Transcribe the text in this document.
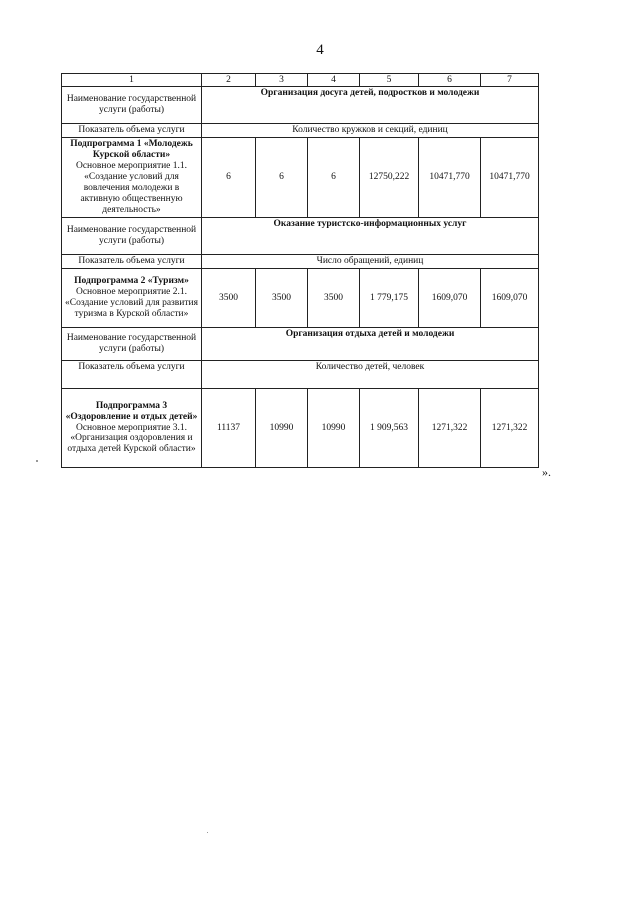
4
1	2	3	4	5	6	7
Наименование государственной услуги (работы)	Организация досуга детей, подростков и молодежи					
Показатель объема услуги	Количество кружков и секций, единиц					
Подпрограмма 1 «Молодежь Курской области»
Основное мероприятие 1.1. «Создание условий для вовлечения молодежи в активную общественную деятельность»	6	6	6	12750,222	10471,770	10471,770
Наименование государственной услуги (работы)	Оказание туристско-информационных услуг					
Показатель объема услуги	Число обращений, единиц					
Подпрограмма 2 «Туризм»
Основное мероприятие 2.1. «Создание условий для развития туризма в Курской области»	3500	3500	3500	1 779,175	1609,070	1609,070
Наименование государственной услуги (работы)	Организация отдыха детей и молодежи					
Показатель объема услуги	Количество детей, человек					
Подпрограмма 3 «Оздоровление и отдых детей»
Основное мероприятие 3.1. «Организация оздоровления и отдыха детей Курской области»	11137	10990	10990	1 909,563	1271,322	1271,322
».
